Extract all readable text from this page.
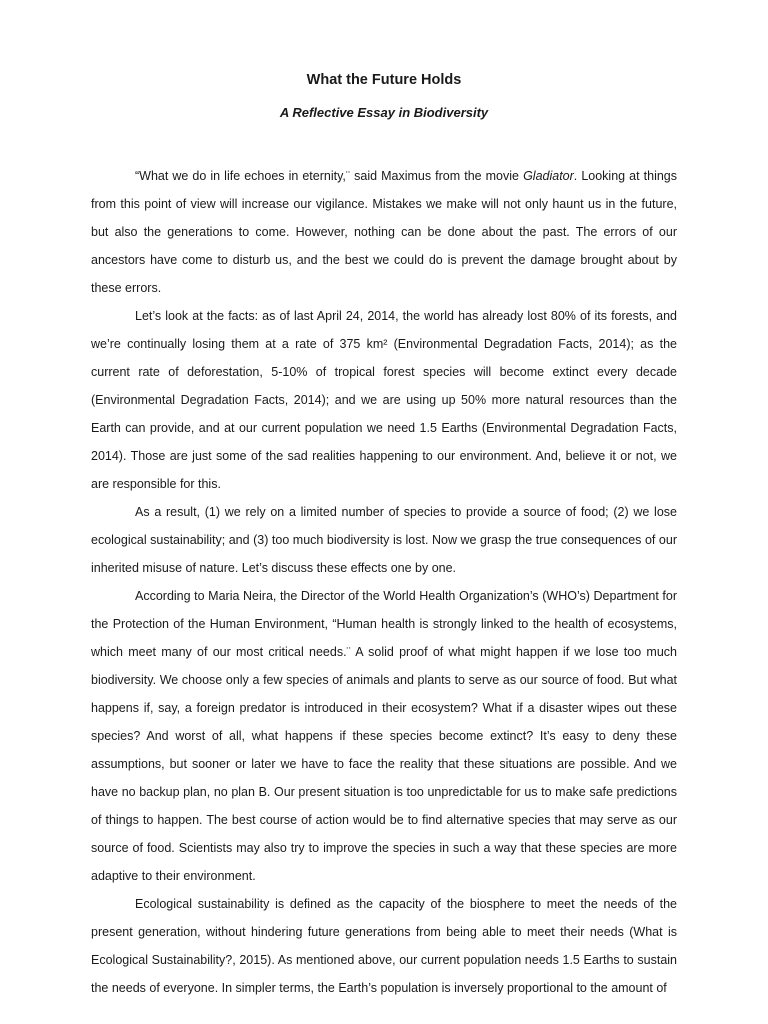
What the Future Holds
A Reflective Essay in Biodiversity

“What we do in life echoes in eternity,¨ said Maximus from the movie Gladiator. Looking at things from this point of view will increase our vigilance. Mistakes we make will not only haunt us in the future, but also the generations to come. However, nothing can be done about the past. The errors of our ancestors have come to disturb us, and the best we could do is prevent the damage brought about by these errors.

Let’s look at the facts: as of last April 24, 2014, the world has already lost 80% of its forests, and we’re continually losing them at a rate of 375 km² (Environmental Degradation Facts, 2014); as the current rate of deforestation, 5-10% of tropical forest species will become extinct every decade (Environmental Degradation Facts, 2014); and we are using up 50% more natural resources than the Earth can provide, and at our current population we need 1.5 Earths (Environmental Degradation Facts, 2014). Those are just some of the sad realities happening to our environment. And, believe it or not, we are responsible for this.

As a result, (1) we rely on a limited number of species to provide a source of food; (2) we lose ecological sustainability; and (3) too much biodiversity is lost. Now we grasp the true consequences of our inherited misuse of nature. Let’s discuss these effects one by one.

According to Maria Neira, the Director of the World Health Organization’s (WHO’s) Department for the Protection of the Human Environment, “Human health is strongly linked to the health of ecosystems, which meet many of our most critical needs.¨ A solid proof of what might happen if we lose too much biodiversity. We choose only a few species of animals and plants to serve as our source of food. But what happens if, say, a foreign predator is introduced in their ecosystem? What if a disaster wipes out these species? And worst of all, what happens if these species become extinct? It’s easy to deny these assumptions, but sooner or later we have to face the reality that these situations are possible. And we have no backup plan, no plan B. Our present situation is too unpredictable for us to make safe predictions of things to happen. The best course of action would be to find alternative species that may serve as our source of food. Scientists may also try to improve the species in such a way that these species are more adaptive to their environment.

Ecological sustainability is defined as the capacity of the biosphere to meet the needs of the present generation, without hindering future generations from being able to meet their needs (What is Ecological Sustainability?, 2015). As mentioned above, our current population needs 1.5 Earths to sustain the needs of everyone. In simpler terms, the Earth’s population is inversely proportional to the amount of
